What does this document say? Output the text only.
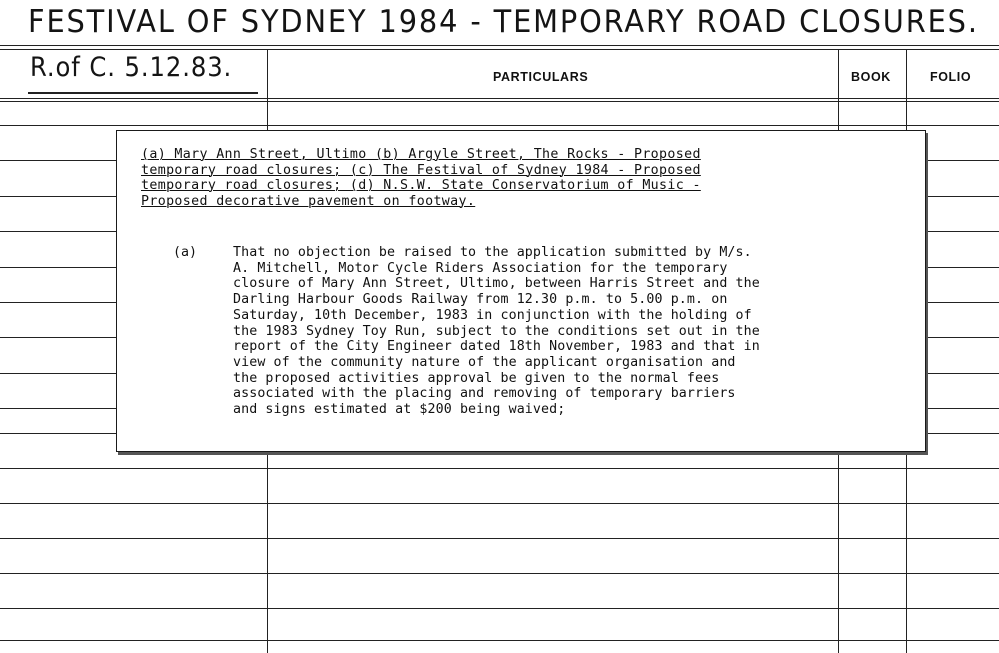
FESTIVAL OF SYDNEY 1984 - TEMPORARY ROAD CLOSURES.
R.of C. 5.12.83.	PARTICULARS	BOOK	FOLIO
(a) Mary Ann Street, Ultimo (b) Argyle Street, The Rocks - Proposed
temporary road closures; (c) The Festival of Sydney 1984 - Proposed
temporary road closures; (d) N.S.W. State Conservatorium of Music -
Proposed decorative pavement on footway.
(a)	That no objection be raised to the application submitted by M/s.
A. Mitchell, Motor Cycle Riders Association for the temporary
closure of Mary Ann Street, Ultimo, between Harris Street and the
Darling Harbour Goods Railway from 12.30 p.m. to 5.00 p.m. on
Saturday, 10th December, 1983 in conjunction with the holding of
the 1983 Sydney Toy Run, subject to the conditions set out in the
report of the City Engineer dated 18th November, 1983 and that in
view of the community nature of the applicant organisation and
the proposed activities approval be given to the normal fees
associated with the placing and removing of temporary barriers
and signs estimated at $200 being waived;
